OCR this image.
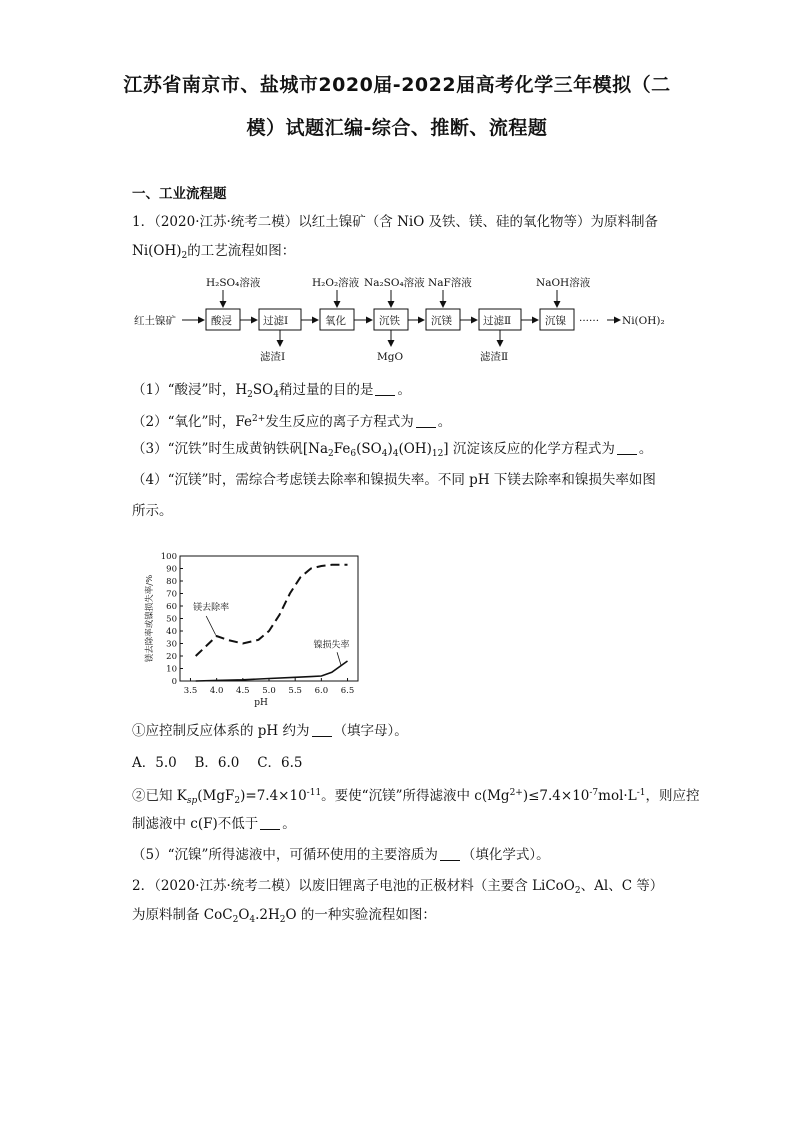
江苏省南京市、盐城市2020届-2022届高考化学三年模拟（二
模）试题汇编-综合、推断、流程题
一、工业流程题
1．（2020·江苏·统考二模）以红土镍矿（含 NiO 及铁、镁、硅的氧化物等）为原料制备
$Ni(OH)_2$的工艺流程如图：
红土镍矿	酸浸	过滤Ⅰ	氧化	沉铁	沉镁	过滤Ⅱ	沉镍 ······ Ni(OH)₂
H₂SO₄溶液	H₂O₂溶液 Na₂SO₄溶液 NaF溶液	NaOH溶液
滤渣Ⅰ	MgO	滤渣Ⅱ
（1）“酸浸”时，$H_2SO_4$稍过量的目的是 。
（2）“氧化”时，$Fe^{2+}$发生反应的离子方程式为 。
（3）“沉铁”时生成黄钠铁矾$[Na_2Fe_6(SO_4)_4(OH)_{12}]$ 沉淀该反应的化学方程式为 。
（4）“沉镁”时，需综合考虑镁去除率和镍损失率。不同 pH 下镁去除率和镍损失率如图
所示。
0
10
20
30
40
50
60
70
80
90
100
3.5 4.0 4.5 5.0 5.5 6.0 6.5
pH
镁去除率或镍损失率/%	镁去除率
镍损失率
①应控制反应体系的 pH 约为 （填字母）。
A．5.0　 B．6.0　 C．6.5
②已知 $K_{sp}(MgF_2)=7.4\times 10^{-11}$。要使“沉镁”所得滤液中 $c(Mg^{2+})\le 7.4\times 10^{-7}mol\cdot L^{-1}$，则应控
制滤液中 c(F)不低于 。
（5）“沉镍”所得滤液中，可循环使用的主要溶质为 （填化学式）。
2．（2020·江苏·统考二模）以废旧锂离子电池的正极材料（主要含 LiCoO$_2$、Al、C 等）
为原料制备 $CoC_2O_4.2H_2O$ 的一种实验流程如图：
